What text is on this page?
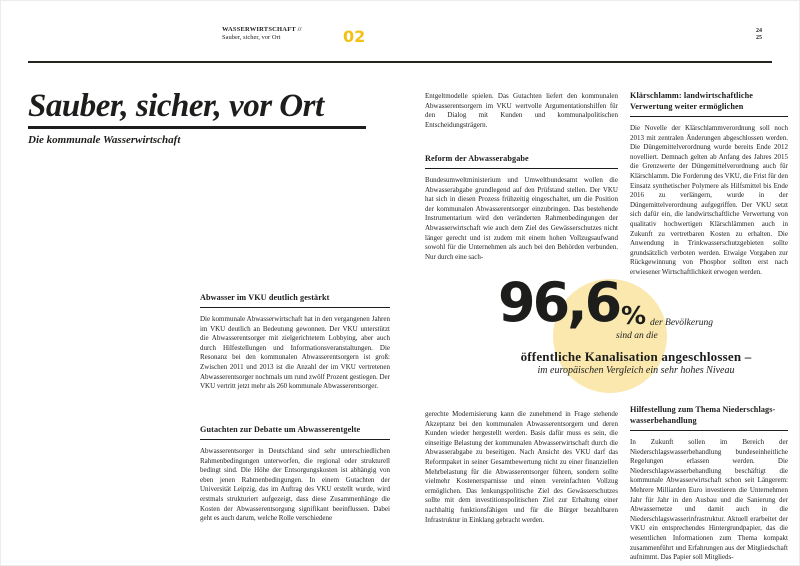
WASSERWIRTSCHAFT //
Sauber, sicher, vor Ort	02	24
25
Sauber, sicher, vor Ort
Die kommunale Wasserwirtschaft
Abwasser im VKU deutlich gestärkt

Die kommunale Abwasserwirtschaft hat in den vergangenen Jahren im VKU deutlich an Bedeutung gewonnen. Der VKU unterstützt die Abwasserentsorger mit zielgerichtetem Lobbying, aber auch durch Hilfestellungen und Informationsveranstaltungen. Die Resonanz bei den kommunalen Abwasserentsorgern ist groß: Zwischen 2011 und 2013 ist die Anzahl der im VKU vertretenen Abwasserentsorger nochmals um rund zwölf Prozent gestiegen. Der VKU vertritt jetzt mehr als 260 kommunale Abwasserentsorger.

Gutachten zur Debatte um Abwasserentgelte

Abwasserentsorger in Deutschland sind sehr unterschiedlichen Rahmenbedingungen unterworfen, die regional oder strukturell bedingt sind. Die Höhe der Entsorgungskosten ist abhängig von eben jenen Rahmenbedingungen. In einem Gutachten der Universität Leipzig, das im Auftrag des VKU erstellt wurde, wird erstmals strukturiert aufgezeigt, dass diese Zusammenhänge die Kosten der Abwasserentsorgung signifikant beeinflussen. Dabei geht es auch darum, welche Rolle verschiedene

Entgeltmodelle spielen. Das Gutachten liefert den kommunalen Abwasserentsorgern im VKU wertvolle Argumentationshilfen für den Dialog mit Kunden und kommunalpolitischen Entscheidungsträgern.

Reform der Abwasserabgabe

Bundesumweltministerium und Umweltbundesamt wollen die Abwasserabgabe grundlegend auf den Prüfstand stellen. Der VKU hat sich in diesen Prozess frühzeitig eingeschaltet, um die Position der kommunalen Abwasserentsorger einzubringen. Das bestehende Instrumentarium wird den veränderten Rahmenbedingungen der Abwasserwirtschaft wie auch dem Ziel des Gewässerschutzes nicht länger gerecht und ist zudem mit einem hohen Vollzugsaufwand sowohl für die Unternehmen als auch bei den Behörden verbunden. Nur durch eine sach-

96,6 % der Bevölkerung
sind an die
öffentliche Kanalisation angeschlossen –
im europäischen Vergleich ein sehr hohes Niveau

gerechte Modernisierung kann die zunehmend in Frage stehende Akzeptanz bei den kommunalen Abwasserentsorgern und deren Kunden wieder hergestellt werden. Basis dafür muss es sein, die einseitige Belastung der kommunalen Abwasserwirtschaft durch die Abwasserabgabe zu beseitigen. Nach Ansicht des VKU darf das Reformpaket in seiner Gesamtbewertung nicht zu einer finanziellen Mehrbelastung für die Abwasserentsorger führen, sondern sollte vielmehr Kostenersparnisse und einen vereinfachten Vollzug ermöglichen. Das lenkungspolitische Ziel des Gewässerschutzes sollte mit dem investitionspolitischen Ziel zur Erhaltung einer nachhaltig funktionsfähigen und für die Bürger bezahlbaren Infrastruktur in Einklang gebracht werden.

Klärschlamm: landwirtschaftliche Verwertung weiter ermöglichen

Die Novelle der Klärschlammverordnung soll noch 2013 mit zentralen Änderungen abgeschlossen werden. Die Düngemittelverordnung wurde bereits Ende 2012 novelliert. Demnach gelten ab Anfang des Jahres 2015 die Grenzwerte der Düngemittelverordnung auch für Klärschlamm. Die Forderung des VKU, die Frist für den Einsatz synthetischer Polymere als Hilfsmittel bis Ende 2016 zu verlängern, wurde in der Düngemittelverordnung aufgegriffen. Der VKU setzt sich dafür ein, die landwirtschaftliche Verwertung von qualitativ hochwertigen Klärschlämmen auch in Zukunft zu vertretbaren Kosten zu erhalten. Die Anwendung in Trinkwasserschutzgebieten sollte grundsätzlich verboten werden. Etwaige Vorgaben zur Rückgewinnung von Phosphor sollten erst nach erwiesener Wirtschaftlichkeit erwogen werden.

Hilfestellung zum Thema Niederschlagswasserbehandlung

In Zukunft sollen im Bereich der Niederschlagswasserbehandlung bundeseinheitliche Regelungen erlassen werden. Die Niederschlagswasserbehandlung beschäftigt die kommunale Abwasserwirtschaft schon seit Längerem: Mehrere Milliarden Euro investieren die Unternehmen Jahr für Jahr in den Ausbau und die Sanierung der Abwassernetze und damit auch in die Niederschlagswasserinfrastruktur. Aktuell erarbeitet der VKU ein entsprechendes Hintergrundpapier, das die wesentlichen Informationen zum Thema kompakt zusammenführt und Erfahrungen aus der Mitgliedschaft aufnimmt. Das Papier soll Mitglieds-
